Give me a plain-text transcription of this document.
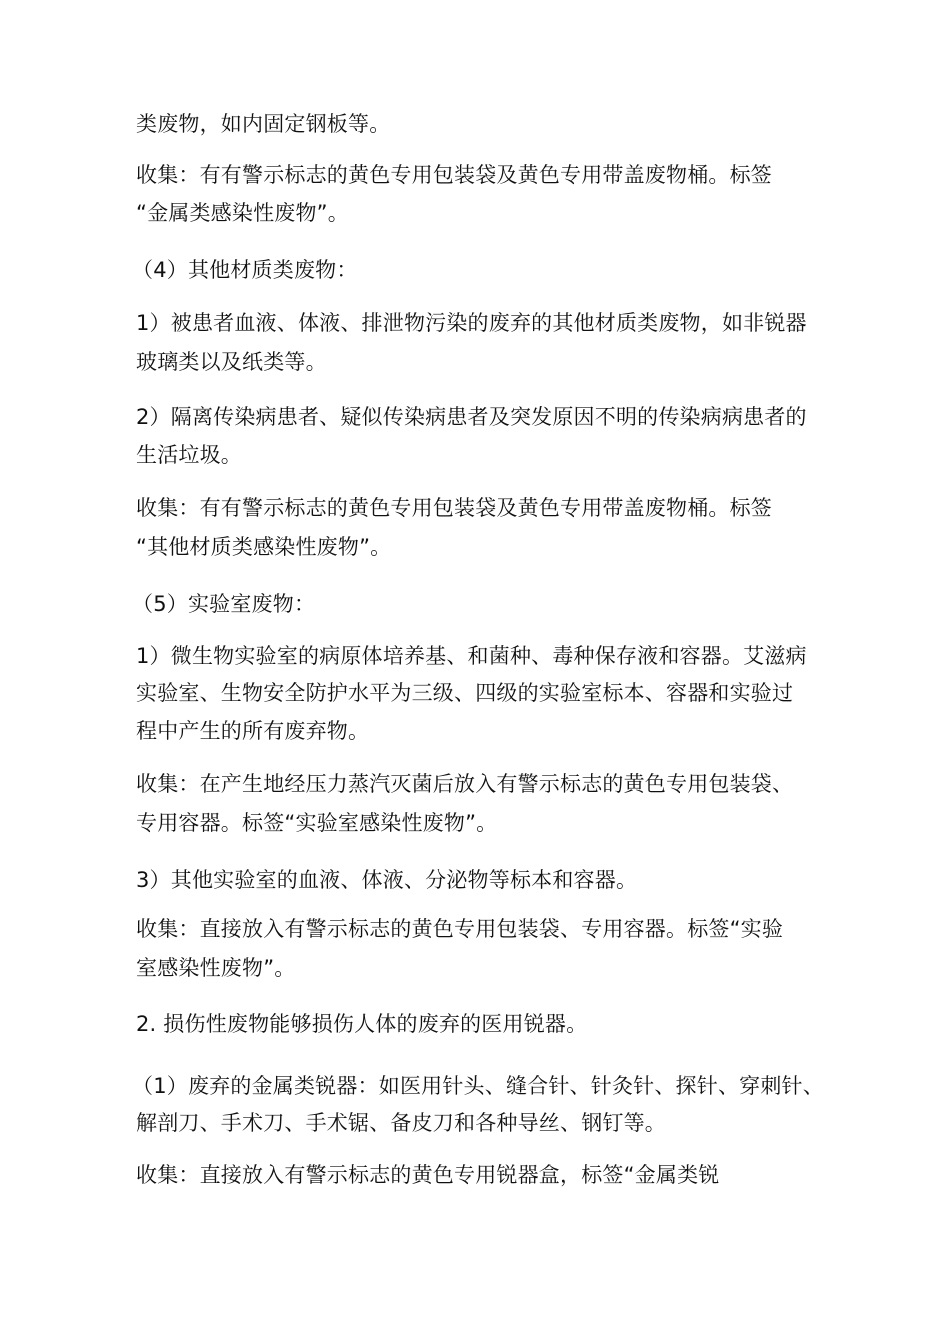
类废物，如内固定钢板等。
收集：有有警示标志的黄色专用包装袋及黄色专用带盖废物桶。标签
“金属类感染性废物”。
（4）其他材质类废物：
1）被患者血液、体液、排泄物污染的废弃的其他材质类废物，如非锐器
玻璃类以及纸类等。
2）隔离传染病患者、疑似传染病患者及突发原因不明的传染病病患者的
生活垃圾。
收集：有有警示标志的黄色专用包装袋及黄色专用带盖废物桶。标签
“其他材质类感染性废物”。
（5）实验室废物：
1）微生物实验室的病原体培养基、和菌种、毒种保存液和容器。艾滋病
实验室、生物安全防护水平为三级、四级的实验室标本、容器和实验过
程中产生的所有废弃物。
收集：在产生地经压力蒸汽灭菌后放入有警示标志的黄色专用包装袋、
专用容器。标签“实验室感染性废物”。
3）其他实验室的血液、体液、分泌物等标本和容器。
收集：直接放入有警示标志的黄色专用包装袋、专用容器。标签“实验
室感染性废物”。
2. 损伤性废物能够损伤人体的废弃的医用锐器。
（1）废弃的金属类锐器：如医用针头、缝合针、针灸针、探针、穿刺针、
解剖刀、手术刀、手术锯、备皮刀和各种导丝、钢钉等。
收集：直接放入有警示标志的黄色专用锐器盒，标签“金属类锐
